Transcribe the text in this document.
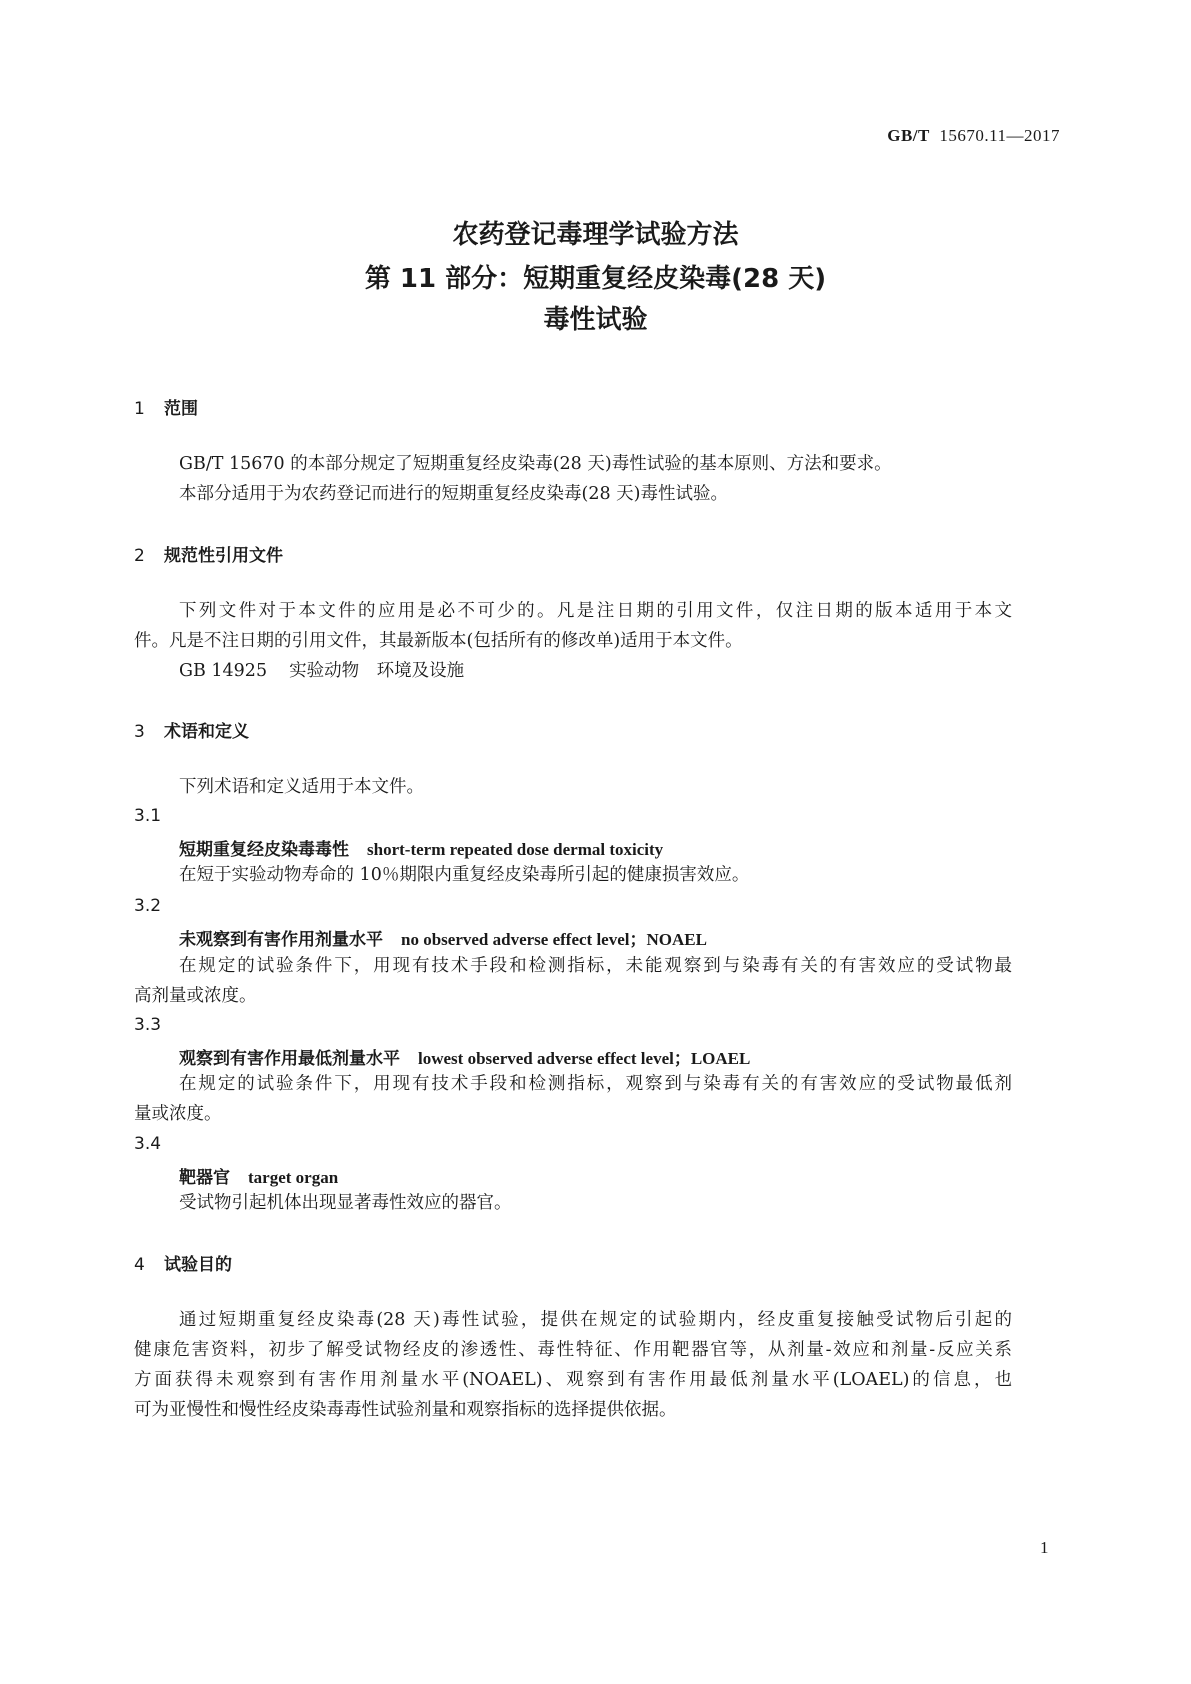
GB/T 15670.11—2017
农药登记毒理学试验方法
第 11 部分：短期重复经皮染毒(28 天)
毒性试验
1 范围
GB/T 15670 的本部分规定了短期重复经皮染毒(28 天)毒性试验的基本原则、方法和要求。
本部分适用于为农药登记而进行的短期重复经皮染毒(28 天)毒性试验。
2 规范性引用文件
下列文件对于本文件的应用是必不可少的。凡是注日期的引用文件，仅注日期的版本适用于本文
件。凡是不注日期的引用文件，其最新版本(包括所有的修改单)适用于本文件。
GB 14925 实验动物　环境及设施
3 术语和定义
下列术语和定义适用于本文件。
3.1
短期重复经皮染毒毒性 short-term repeated dose dermal toxicity
在短于实验动物寿命的 10％期限内重复经皮染毒所引起的健康损害效应。
3.2
未观察到有害作用剂量水平 no observed adverse effect level；NOAEL
在规定的试验条件下，用现有技术手段和检测指标，未能观察到与染毒有关的有害效应的受试物最
高剂量或浓度。
3.3
观察到有害作用最低剂量水平 lowest observed adverse effect level；LOAEL
在规定的试验条件下，用现有技术手段和检测指标，观察到与染毒有关的有害效应的受试物最低剂
量或浓度。
3.4
靶器官 target organ
受试物引起机体出现显著毒性效应的器官。
4 试验目的
通过短期重复经皮染毒(28 天)毒性试验，提供在规定的试验期内，经皮重复接触受试物后引起的
健康危害资料，初步了解受试物经皮的渗透性、毒性特征、作用靶器官等，从剂量-效应和剂量-反应关系
方面获得未观察到有害作用剂量水平(NOAEL)、观察到有害作用最低剂量水平(LOAEL)的信息，也
可为亚慢性和慢性经皮染毒毒性试验剂量和观察指标的选择提供依据。
1
